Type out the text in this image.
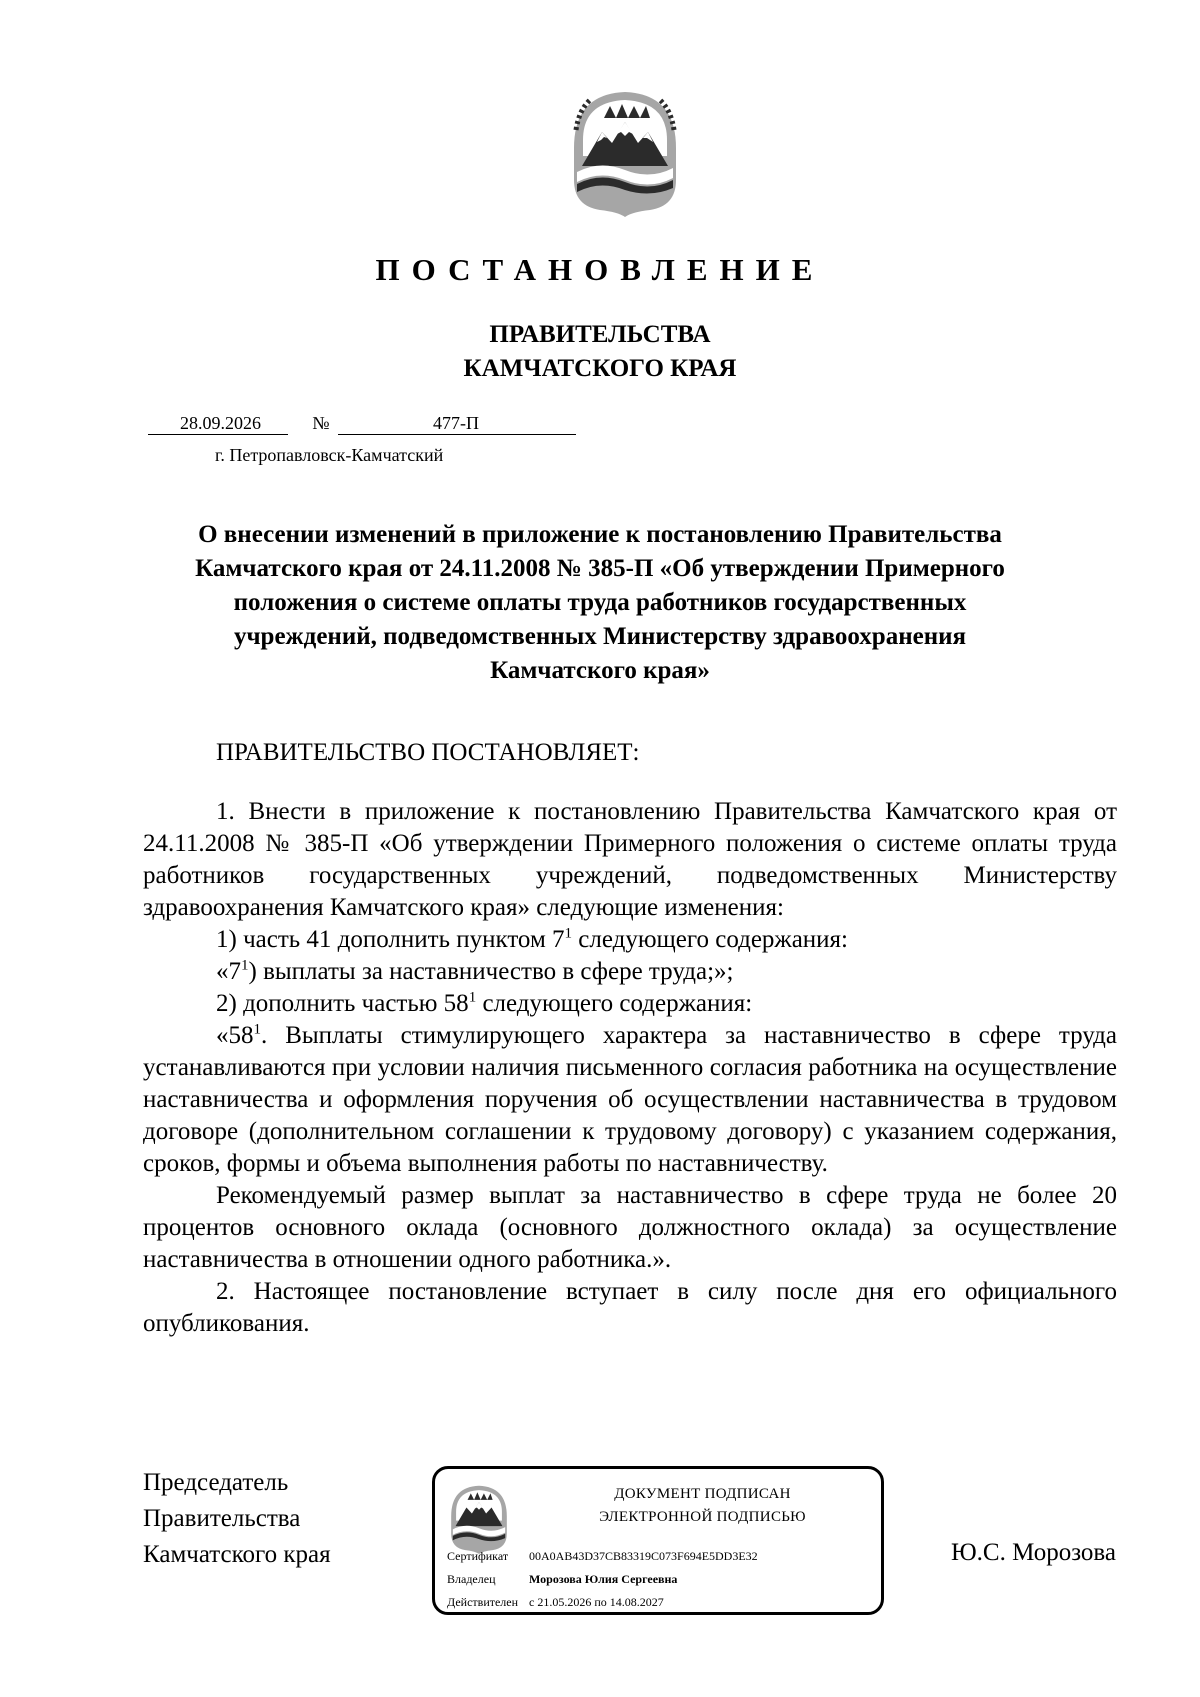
ПОСТАНОВЛЕНИЕ
ПРАВИТЕЛЬСТВА
КАМЧАТСКОГО КРАЯ
28.09.2026	№	477-П
г. Петропавловск-Камчатский
О внесении изменений в приложение к постановлению Правительства
Камчатского края от 24.11.2008 № 385-П «Об утверждении Примерного
положения о системе оплаты труда работников государственных
учреждений, подведомственных Министерству здравоохранения
Камчатского края»
ПРАВИТЕЛЬСТВО ПОСТАНОВЛЯЕТ:

1. Внести в приложение к постановлению Правительства Камчатского края от 24.11.2008 № 385-П «Об утверждении Примерного положения о системе оплаты труда работников государственных учреждений, подведомственных Министерству здравоохранения Камчатского края» следующие изменения:

1) часть 41 дополнить пунктом $7^1$ следующего содержания:

«$7^1$) выплаты за наставничество в сфере труда;»;

2) дополнить частью $58^1$ следующего содержания:

«$58^1$. Выплаты стимулирующего характера за наставничество в сфере труда устанавливаются при условии наличия письменного согласия работника на осуществление наставничества и оформления поручения об осуществлении наставничества в трудовом договоре (дополнительном соглашении к трудовому договору) с указанием содержания, сроков, формы и объема выполнения работы по наставничеству.

Рекомендуемый размер выплат за наставничество в сфере труда не более 20 процентов основного оклада (основного должностного оклада) за осуществление наставничества в отношении одного работника.».

2. Настоящее постановление вступает в силу после дня его официального опубликования.

Председатель
Правительства
Камчатского края
ДОКУМЕНТ ПОДПИСАН
ЭЛЕКТРОННОЙ ПОДПИСЬЮ
Сертификат 00A0AB43D37CB83319C073F694E5DD3E32
Владелец	Морозова Юлия Сергеевна
Действителен с 21.05.2026 по 14.08.2027
Ю.С. Морозова
